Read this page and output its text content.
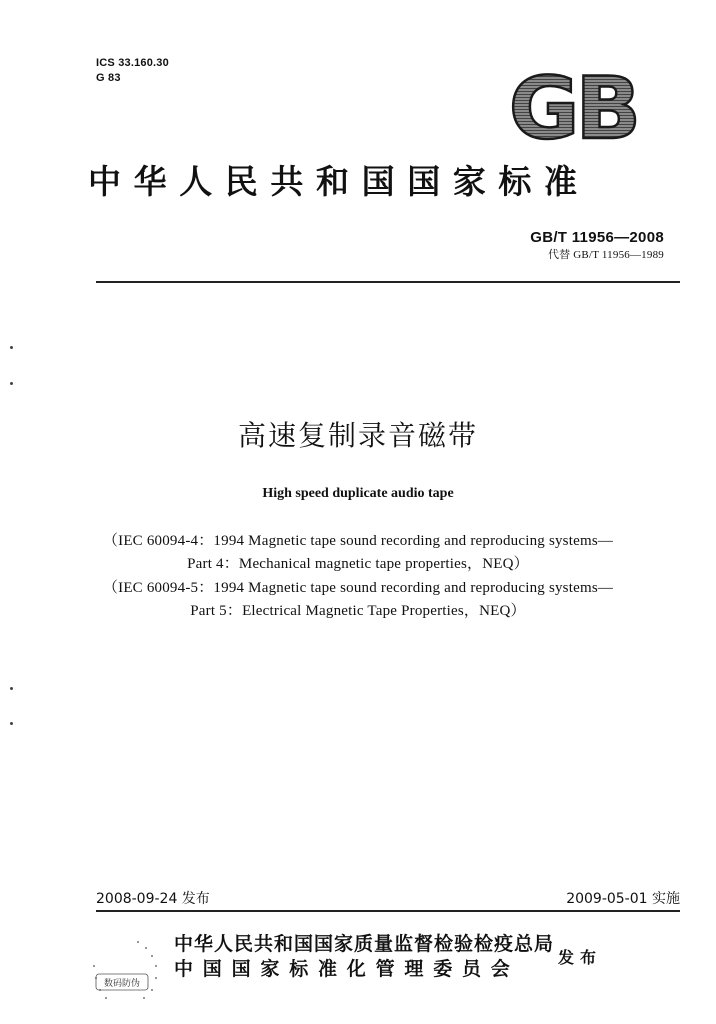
ICS 33.160.30
G 83	GB
中华人民共和国国家标准
GB/T 11956—2008
代替 GB/T 11956—1989
高速复制录音磁带
High speed duplicate audio tape
（IEC 60094-4：1994 Magnetic tape sound recording and reproducing systems—
Part 4：Mechanical magnetic tape properties，NEQ）
（IEC 60094-5：1994 Magnetic tape sound recording and reproducing systems—
Part 5：Electrical Magnetic Tape Properties，NEQ）
2008-09-24 发布	2009-05-01 实施
数码防伪
中华人民共和国国家质量监督检验检疫总局
中国国家标准化管理委员会
发布
